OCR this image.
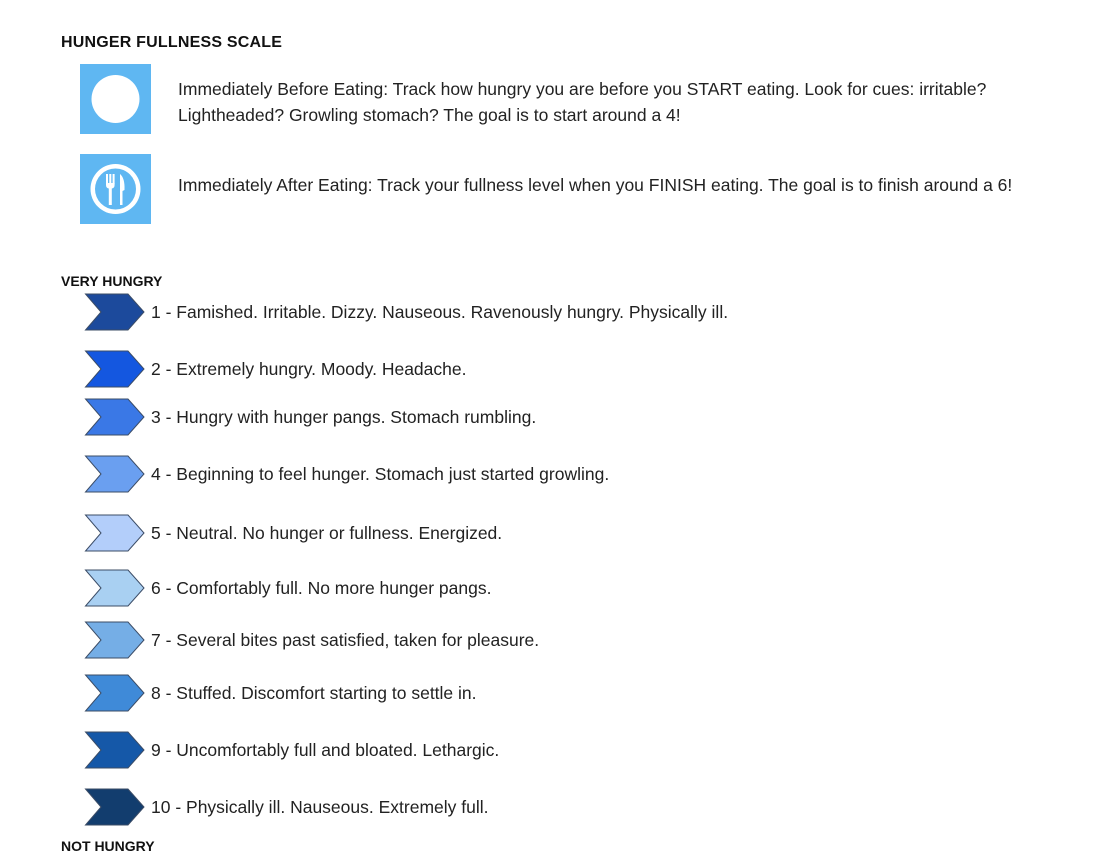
HUNGER FULLNESS SCALE
Immediately Before Eating: Track how hungry you are before you START eating. Look for cues: irritable? Lightheaded? Growling stomach? The goal is to start around a 4!
Immediately After Eating: Track your fullness level when you FINISH eating. The goal is to finish around a 6!
VERY HUNGRY
1 - Famished. Irritable. Dizzy. Nauseous. Ravenously hungry. Physically ill.
2 - Extremely hungry. Moody. Headache.
3 - Hungry with hunger pangs. Stomach rumbling.
4 - Beginning to feel hunger. Stomach just started growling.
5 - Neutral. No hunger or fullness. Energized.
6 - Comfortably full. No more hunger pangs.
7 - Several bites past satisfied, taken for pleasure.
8 - Stuffed. Discomfort starting to settle in.
9 - Uncomfortably full and bloated. Lethargic.
10 - Physically ill. Nauseous. Extremely full.
NOT HUNGRY
